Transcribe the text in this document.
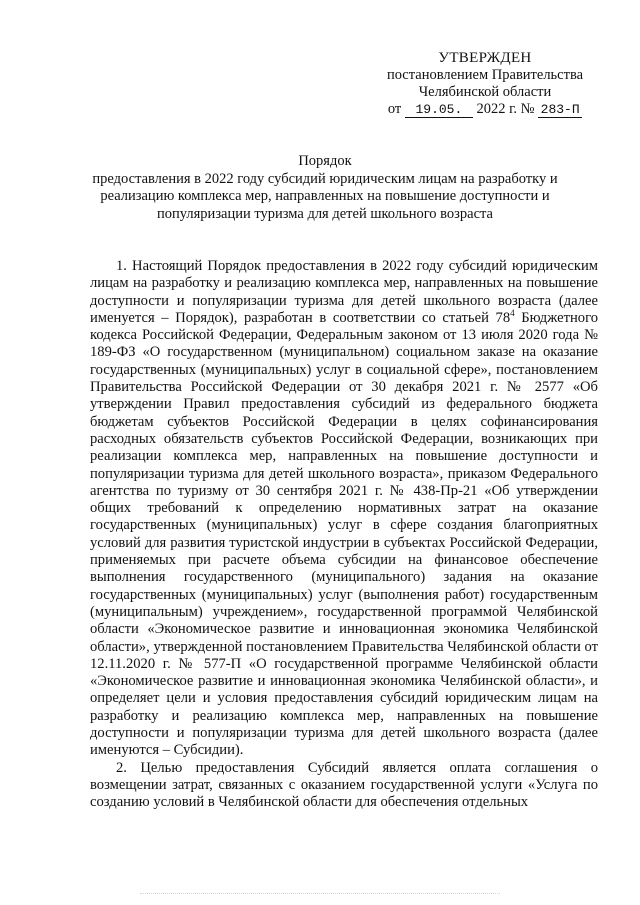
УТВЕРЖДЕН
постановлением Правительства
Челябинской области
от 19.05. 2022 г. № 283-П
Порядок
предоставления в 2022 году субсидий юридическим лицам на разработку и
реализацию комплекса мер, направленных на повышение доступности и
популяризации туризма для детей школьного возраста

1. Настоящий Порядок предоставления в 2022 году субсидий юридическим лицам на разработку и реализацию комплекса мер, направленных на повышение доступности и популяризации туризма для детей школьного возраста (далее именуется – Порядок), разработан в соответствии со статьей $78^4$ Бюджетного кодекса Российской Федерации, Федеральным законом от 13 июля 2020 года № 189-ФЗ «О государственном (муниципальном) социальном заказе на оказание государственных (муниципальных) услуг в социальной сфере», постановлением Правительства Российской Федерации от 30 декабря 2021 г. № 2577 «Об утверждении Правил предоставления субсидий из федерального бюджета бюджетам субъектов Российской Федерации в целях софинансирования расходных обязательств субъектов Российской Федерации, возникающих при реализации комплекса мер, направленных на повышение доступности и популяризации туризма для детей школьного возраста», приказом Федерального агентства по туризму от 30 сентября 2021 г. № 438-Пр-21 «Об утверждении общих требований к определению нормативных затрат на оказание государственных (муниципальных) услуг в сфере создания благоприятных условий для развития туристской индустрии в субъектах Российской Федерации, применяемых при расчете объема субсидии на финансовое обеспечение выполнения государственного (муниципального) задания на оказание государственных (муниципальных) услуг (выполнения работ) государственным (муниципальным) учреждением», государственной программой Челябинской области «Экономическое развитие и инновационная экономика Челябинской области», утвержденной постановлением Правительства Челябинской области от 12.11.2020 г. № 577-П «О государственной программе Челябинской области «Экономическое развитие и инновационная экономика Челябинской области», и определяет цели и условия предоставления субсидий юридическим лицам на разработку и реализацию комплекса мер, направленных на повышение доступности и популяризации туризма для детей школьного возраста (далее именуются – Субсидии).

2. Целью предоставления Субсидий является оплата соглашения о возмещении затрат, связанных с оказанием государственной услуги «Услуга по созданию условий в Челябинской области для обеспечения отдельных
